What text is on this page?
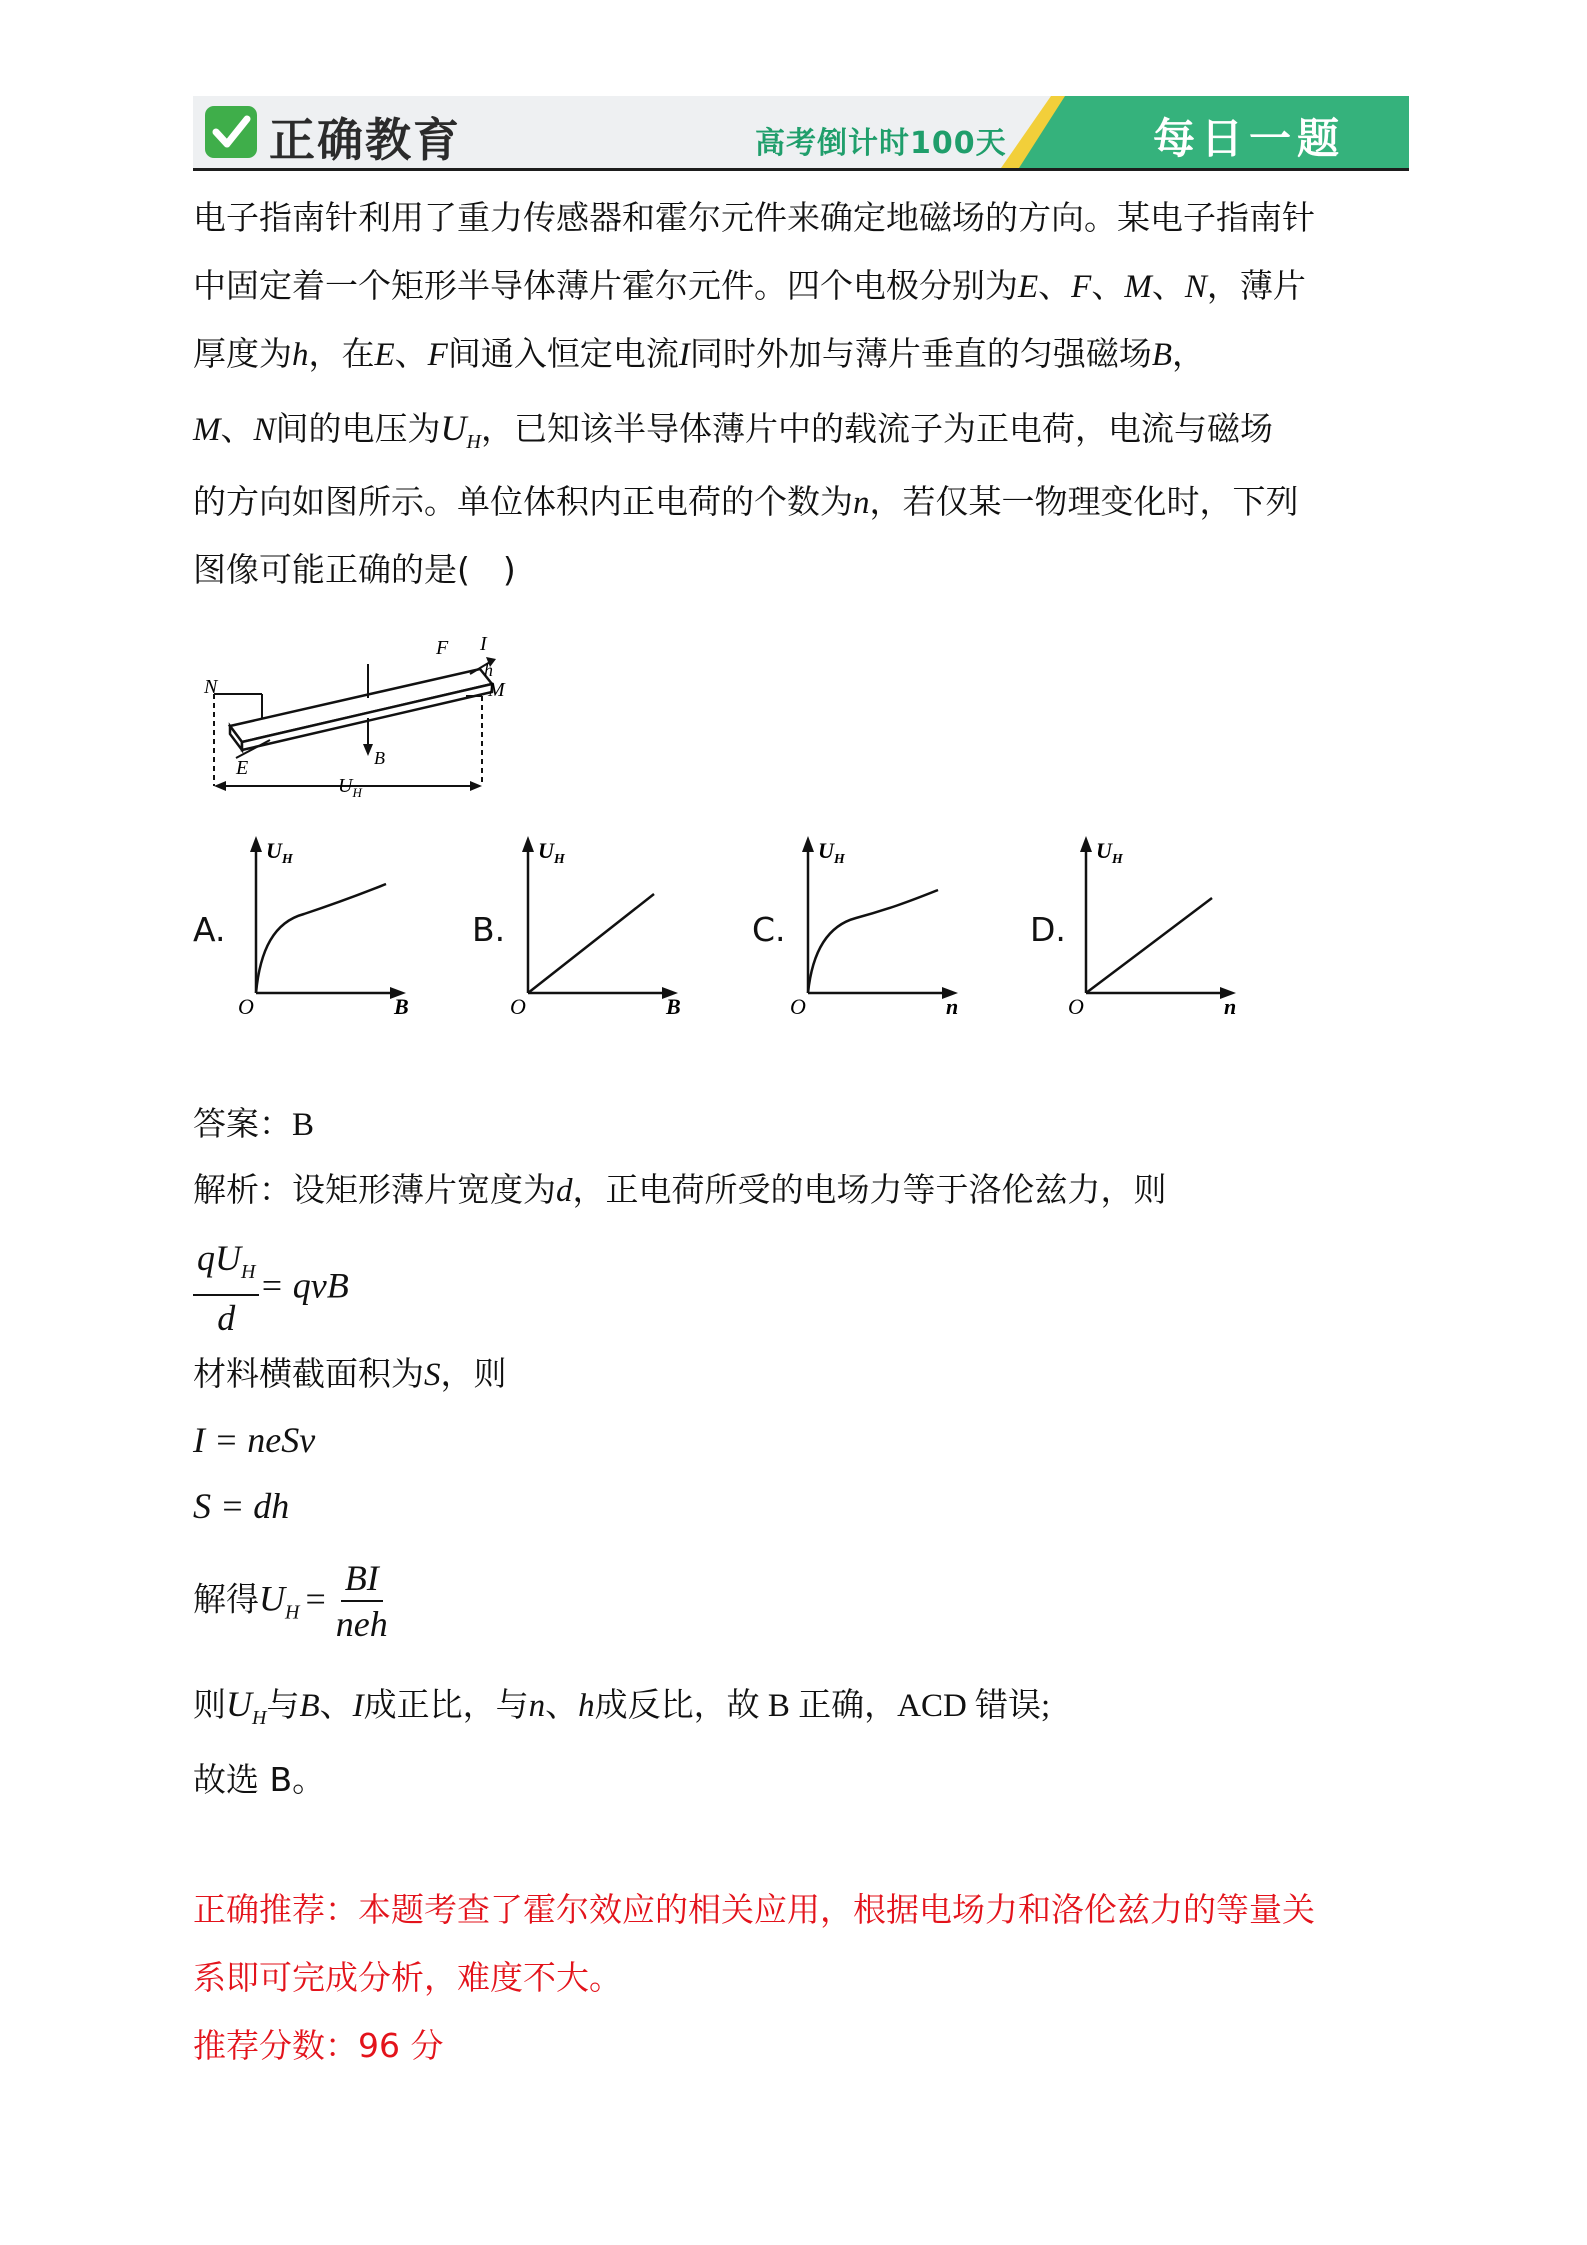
正确教育	高考倒计时100天	每日一题
电子指南针利用了重力传感器和霍尔元件来确定地磁场的方向。某电子指南针
中固定着一个矩形半导体薄片霍尔元件。四个电极分别为E、F、M、N，薄片
厚度为h，在E、F间通入恒定电流I同时外加与薄片垂直的匀强磁场B，
M、N间的电压为$U_H$，已知该半导体薄片中的载流子为正电荷，电流与磁场
的方向如图所示。单位体积内正电荷的个数为n，若仅某一物理变化时，下列
图像可能正确的是(　)
N	M
E
F I
h
B
$U_H$
A.
$U_H$
O	B
B.
$U_H$
O	B
C.
$U_H$
O	n
D.
$U_H$
O	n
答案：B
解析：设矩形薄片宽度为d，正电荷所受的电场力等于洛伦兹力，则
$\frac{qU_H}{d}$ = qvB
材料横截面积为S，则
I = neSv
S = dh
解得$U_H = \frac{BI}{\text{neh}}$
则$U_H$与B、I成正比，与n、h成反比，故 B 正确，ACD 错误;
故选 B。
正确推荐：本题考查了霍尔效应的相关应用，根据电场力和洛伦兹力的等量关
系即可完成分析，难度不大。
推荐分数：96 分
